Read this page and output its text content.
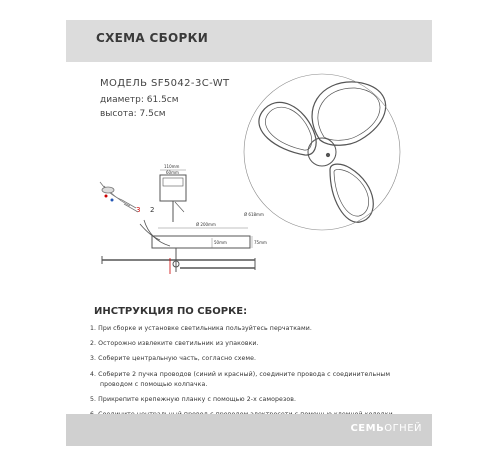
СХЕМА СБОРКИ
МОДЕЛЬ SF5042-3C-WT
диаметр: 61.5см
высота: 7.5см
Ø 618mm
110mm
60mm
Ø 200mm
75mm
50mm
3 2
ИНСТРУКЦИЯ ПО СБОРКЕ:
1. При сборке и установке светильника пользуйтесь перчатками.
2. Осторожно извлеките светильник из упаковки.
3. Соберите центральную часть, согласно схеме.
4. Соберите 2 пучка проводов (синий и красный), соедините провода с соединительным
проводом с помощью колпачка.
5. Прикрепите крепежную планку с помощью 2-х саморезов.
СЕМЬОГНЕЙ
